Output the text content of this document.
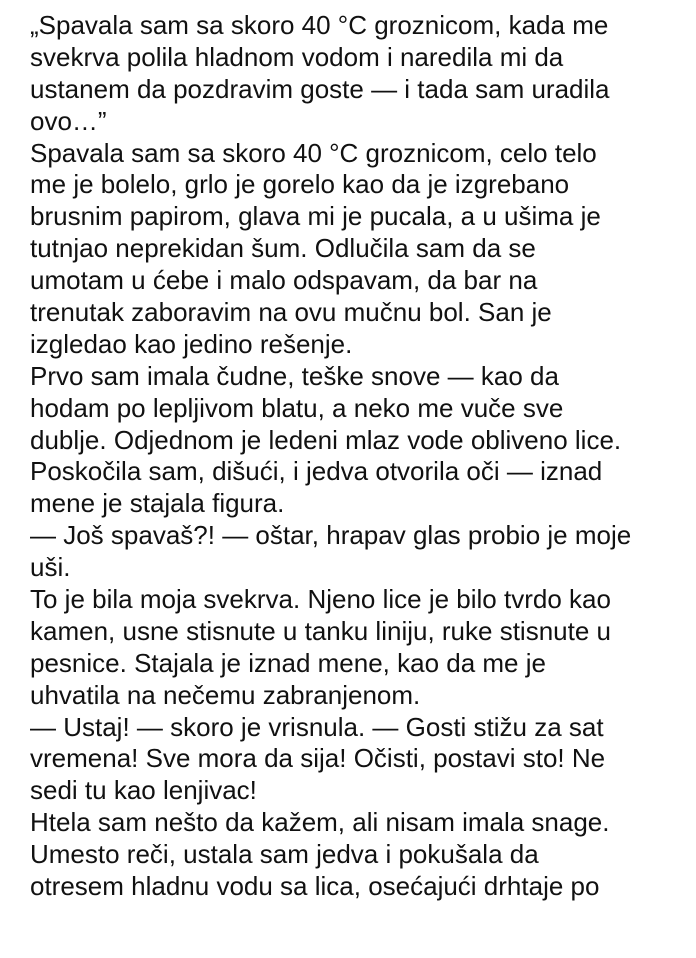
„Spavala sam sa skoro 40 °C groznicom, kada me
svekrva polila hladnom vodom i naredila mi da
ustanem da pozdravim goste — i tada sam uradila
ovo…”
Spavala sam sa skoro 40 °C groznicom, celo telo
me je bolelo, grlo je gorelo kao da je izgrebano
brusnim papirom, glava mi je pucala, a u ušima je
tutnjao neprekidan šum. Odlučila sam da se
umotam u ćebe i malo odspavam, da bar na
trenutak zaboravim na ovu mučnu bol. San je
izgledao kao jedino rešenje.
Prvo sam imala čudne, teške snove — kao da
hodam po lepljivom blatu, a neko me vuče sve
dublje. Odjednom je ledeni mlaz vode obliveno lice.
Poskočila sam, dišući, i jedva otvorila oči — iznad
mene je stajala figura.
— Još spavaš?! — oštar, hrapav glas probio je moje
uši.
To je bila moja svekrva. Njeno lice je bilo tvrdo kao
kamen, usne stisnute u tanku liniju, ruke stisnute u
pesnice. Stajala je iznad mene, kao da me je
uhvatila na nečemu zabranjenom.
— Ustaj! — skoro je vrisnula. — Gosti stižu za sat
vremena! Sve mora da sija! Očisti, postavi sto! Ne
sedi tu kao lenjivac!
Htela sam nešto da kažem, ali nisam imala snage.
Umesto reči, ustala sam jedva i pokušala da
otresem hladnu vodu sa lica, osećajući drhtaje po
